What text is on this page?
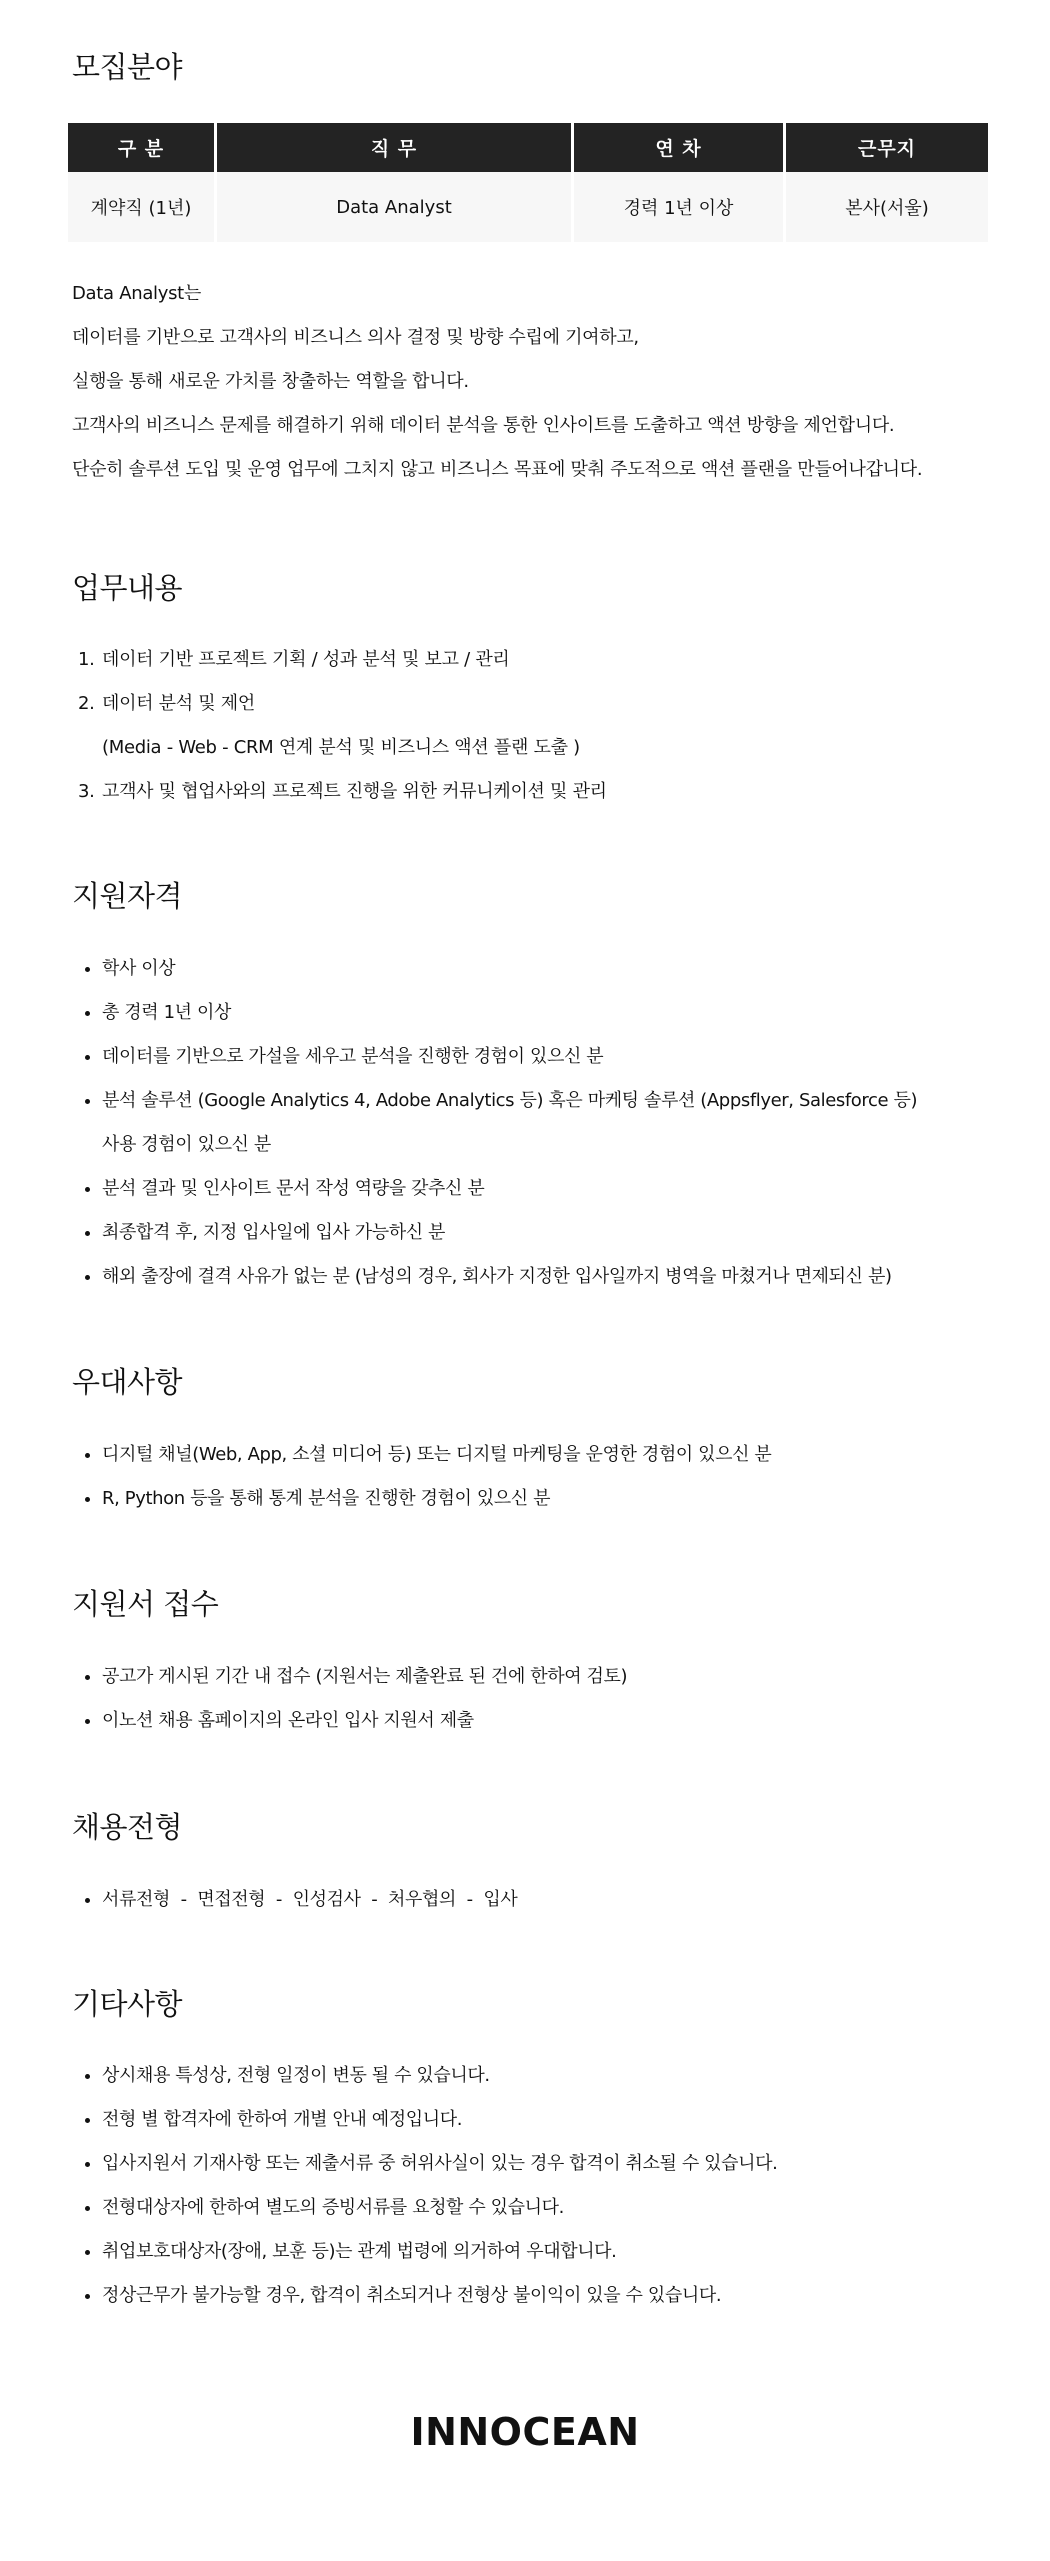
모집분야
구 분	직 무	연 차	근무지
계약직 (1년)	Data Analyst	경력 1년 이상	본사(서울)

Data Analyst는

데이터를 기반으로 고객사의 비즈니스 의사 결정 및 방향 수립에 기여하고,

실행을 통해 새로운 가치를 창출하는 역할을 합니다.

고객사의 비즈니스 문제를 해결하기 위해 데이터 분석을 통한 인사이트를 도출하고 액션 방향을 제언합니다.

단순히 솔루션 도입 및 운영 업무에 그치지 않고 비즈니스 목표에 맞춰 주도적으로 액션 플랜을 만들어나갑니다.

업무내용
1. 데이터 기반 프로젝트 기획 / 성과 분석 및 보고 / 관리
2. 데이터 분석 및 제언
(Media - Web - CRM 연계 분석 및 비즈니스 액션 플랜 도출 )
3. 고객사 및 협업사와의 프로젝트 진행을 위한 커뮤니케이션 및 관리
지원자격
학사 이상
총 경력 1년 이상
데이터를 기반으로 가설을 세우고 분석을 진행한 경험이 있으신 분
분석 솔루션 (Google Analytics 4, Adobe Analytics 등) 혹은 마케팅 솔루션 (Appsflyer, Salesforce 등)
사용 경험이 있으신 분
분석 결과 및 인사이트 문서 작성 역량을 갖추신 분
최종합격 후, 지정 입사일에 입사 가능하신 분
해외 출장에 결격 사유가 없는 분 (남성의 경우, 회사가 지정한 입사일까지 병역을 마쳤거나 면제되신 분)
우대사항
디지털 채널(Web, App, 소셜 미디어 등) 또는 디지털 마케팅을 운영한 경험이 있으신 분
R, Python 등을 통해 통계 분석을 진행한 경험이 있으신 분
지원서 접수
공고가 게시된 기간 내 접수 (지원서는 제출완료 된 건에 한하여 검토)
이노션 채용 홈페이지의 온라인 입사 지원서 제출
채용전형
서류전형  -  면접전형  -  인성검사  -  처우협의  -  입사
기타사항
상시채용 특성상, 전형 일정이 변동 될 수 있습니다.
전형 별 합격자에 한하여 개별 안내 예정입니다.
입사지원서 기재사항 또는 제출서류 중 허위사실이 있는 경우 합격이 취소될 수 있습니다.
전형대상자에 한하여 별도의 증빙서류를 요청할 수 있습니다.
취업보호대상자(장애, 보훈 등)는 관계 법령에 의거하여 우대합니다.
정상근무가 불가능할 경우, 합격이 취소되거나 전형상 불이익이 있을 수 있습니다.
INNOCEAN
